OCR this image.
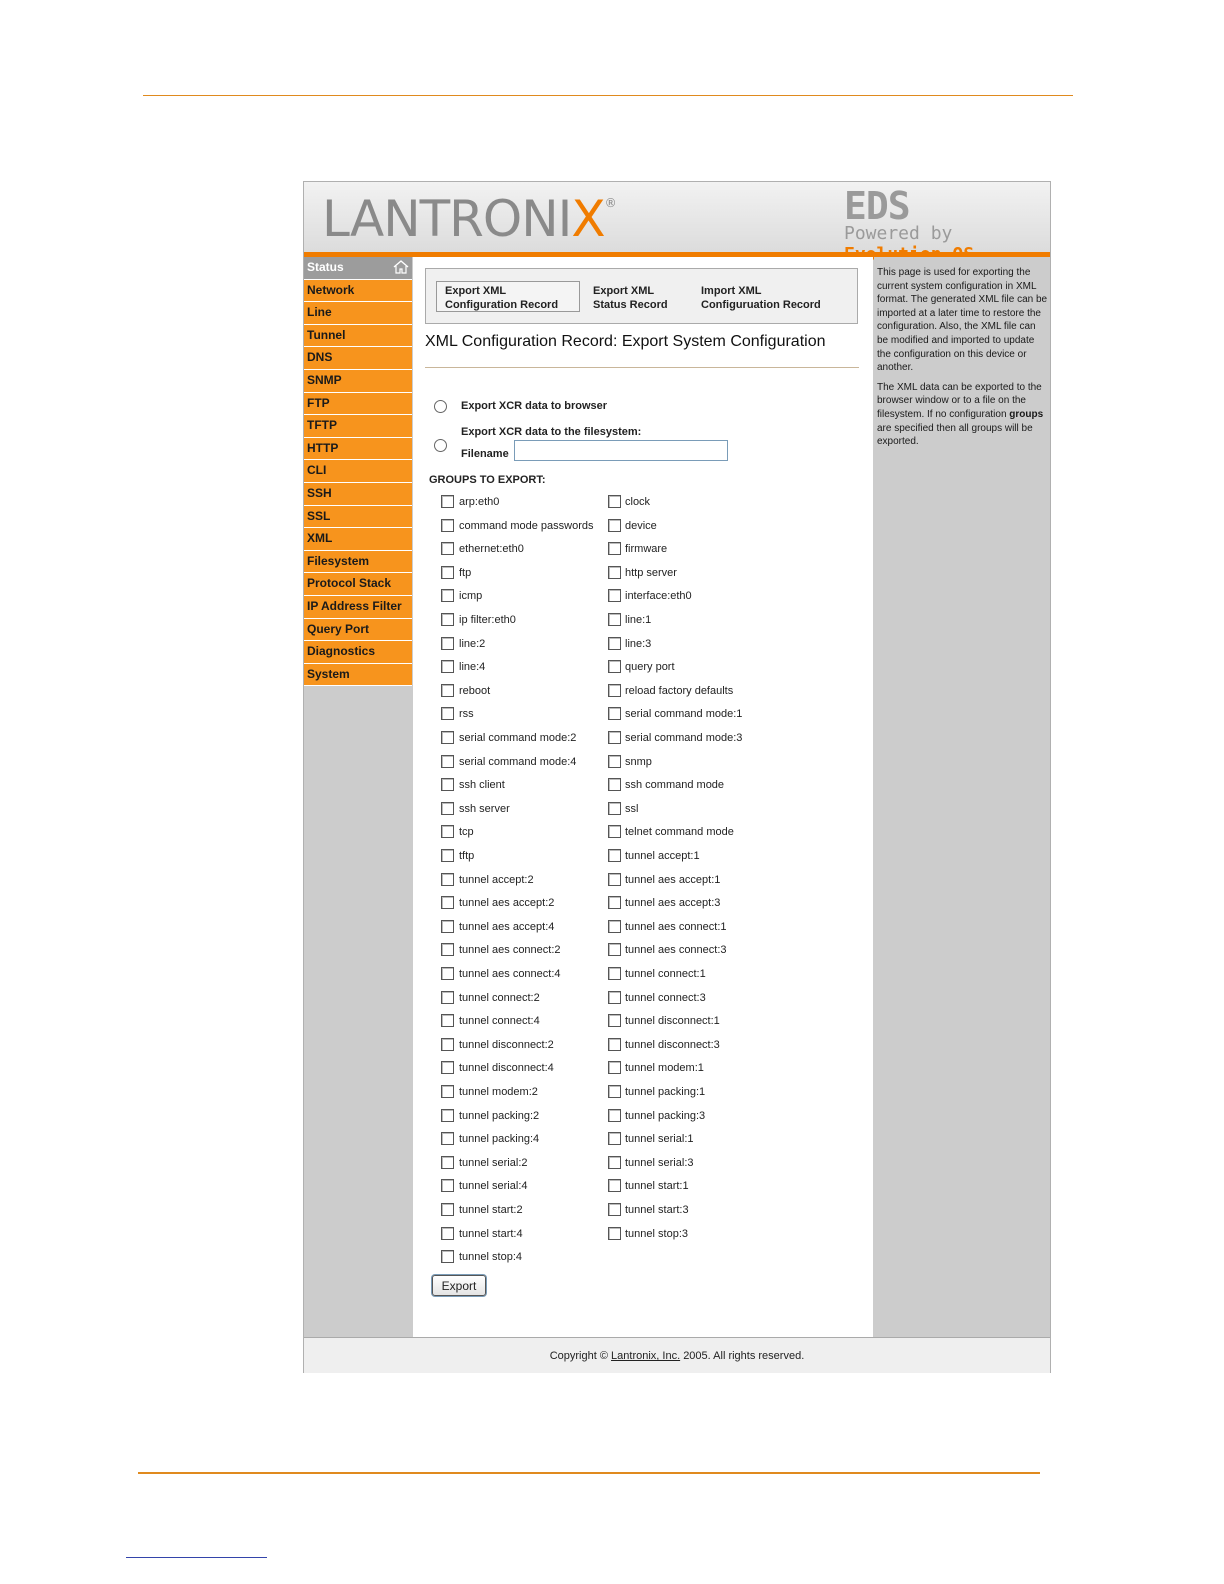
LANTRONIX®	EDS
Powered by
Status
Network
Line
Tunnel
DNS
SNMP
FTP
TFTP
HTTP
CLI
SSH
SSL
XML
Filesystem
Protocol Stack
IP Address Filter
Query Port
Diagnostics
System
Export XML
Configuration Record
Export XML
Status Record
Import XML
Configuruation Record
XML Configuration Record: Export System Configuration
Export XCR data to browser
Export XCR data to the filesystem:
Filename
GROUPS TO EXPORT:
arp:eth0
command mode passwords
ethernet:eth0
ftp
icmp
ip filter:eth0
line:2
line:4
reboot
rss
serial command mode:2
serial command mode:4
ssh client
ssh server
tcp
tftp
tunnel accept:2
tunnel aes accept:2
tunnel aes accept:4
tunnel aes connect:2
tunnel aes connect:4
tunnel connect:2
tunnel connect:4
tunnel disconnect:2
tunnel disconnect:4
tunnel modem:2
tunnel packing:2
tunnel packing:4
tunnel serial:2
tunnel serial:4
tunnel start:2
tunnel start:4
tunnel stop:4
clock
device
firmware
http server
interface:eth0
line:1
line:3
query port
reload factory defaults
serial command mode:1
serial command mode:3
snmp
ssh command mode
ssl
telnet command mode
tunnel accept:1
tunnel aes accept:1
tunnel aes accept:3
tunnel aes connect:1
tunnel aes connect:3
tunnel connect:1
tunnel connect:3
tunnel disconnect:1
tunnel disconnect:3
tunnel modem:1
tunnel packing:1
tunnel packing:3
tunnel serial:1
tunnel serial:3
tunnel start:1
tunnel start:3
tunnel stop:3
Export

This page is used for exporting the current system configuration in XML format. The generated XML file can be imported at a later time to restore the configuration. Also, the XML file can be modified and imported to update the configuration on this device or another.

The XML data can be exported to the browser window or to a file on the filesystem. If no configuration groups are specified then all groups will be exported.

Copyright © Lantronix, Inc. 2005. All rights reserved.
